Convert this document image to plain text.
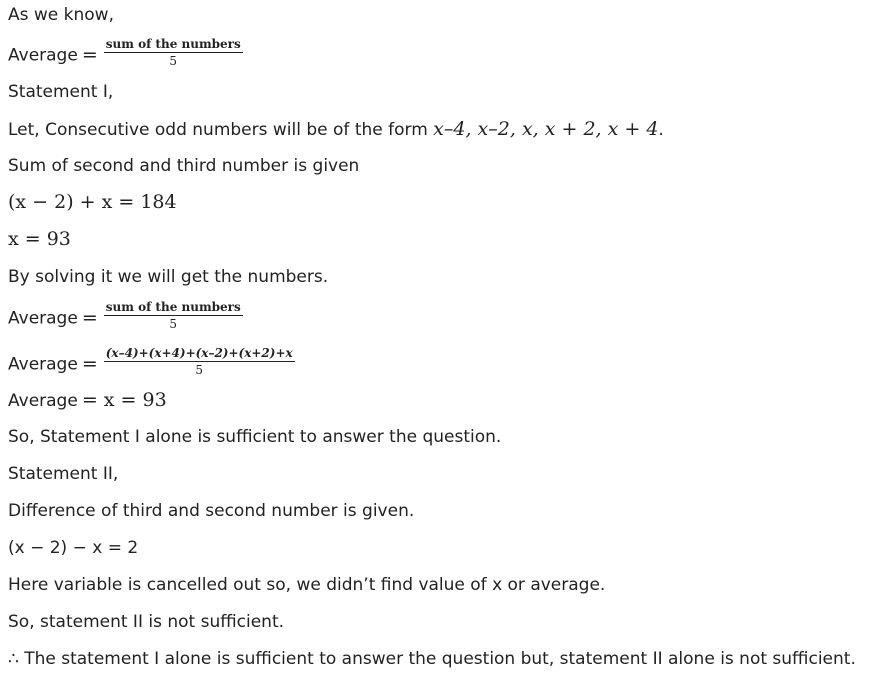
As we know,
Average = $\frac{\text{sum of the numbers}}{5}$
Statement I,
Let, Consecutive odd numbers will be of the form x–4, x–2, x, x + 2, x + 4.
Sum of second and third number is given
(x − 2) + x = 184
x = 93
By solving it we will get the numbers.
Average = $\frac{\text{sum of the numbers}}{5}$
Average = $\frac{(x-4)+(x+4)+(x-2)+(x+2)+x}{5}$
Average = x = 93
So, Statement I alone is sufficient to answer the question.
Statement II,
Difference of third and second number is given.
(x − 2) − x = 2
Here variable is cancelled out so, we didn’t find value of x or average.
So, statement II is not sufficient.
∴ The statement I alone is sufficient to answer the question but, statement II alone is not sufficient.
